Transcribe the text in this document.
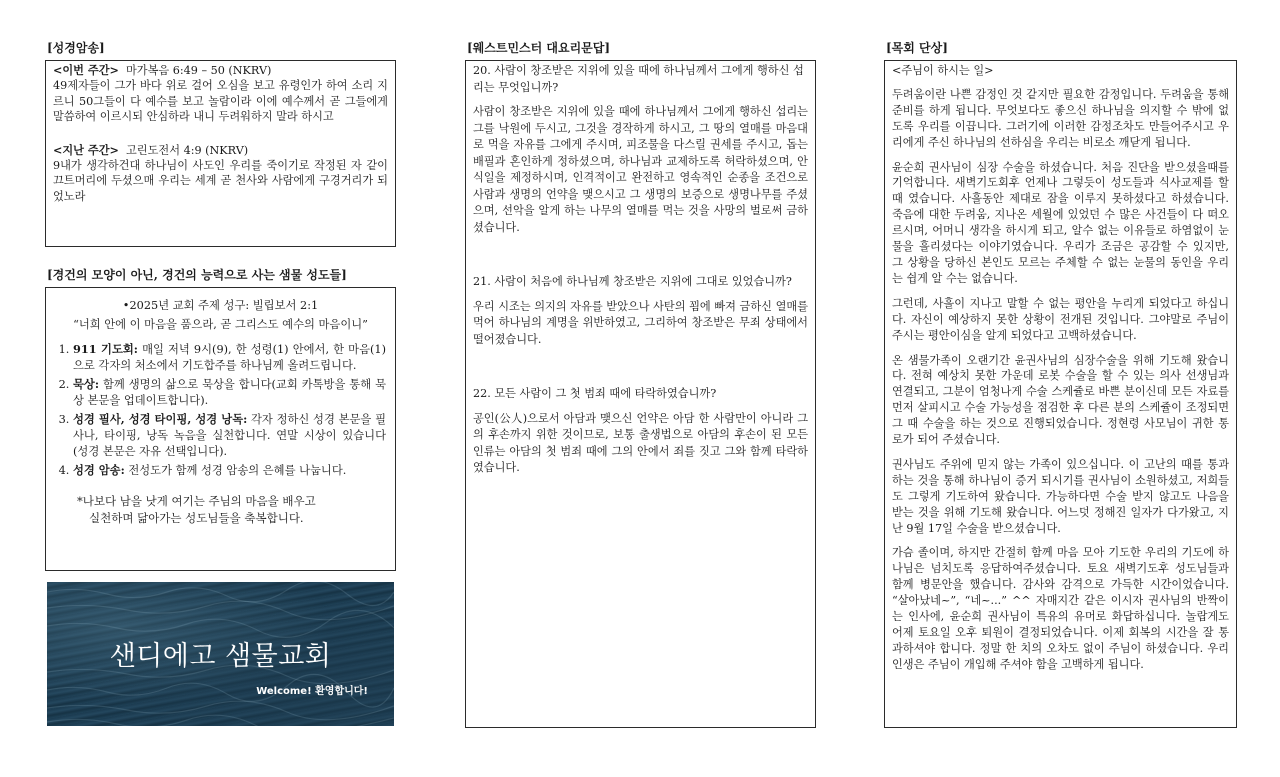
[성경암송]

<이번 주간> 마가복음 6:49 – 50 (NKRV)

49제자들이 그가 바다 위로 걸어 오심을 보고 유령인가 하여 소리 지르니 50그들이 다 예수를 보고 놀람이라 이에 예수께서 곧 그들에게 말씀하여 이르시되 안심하라 내니 두려워하지 말라 하시고

<지난 주간> 고린도전서 4:9 (NKRV)

9내가 생각하건대 하나님이 사도인 우리를 죽이기로 작정된 자 같이 끄트머리에 두셨으매 우리는 세계 곧 천사와 사람에게 구경거리가 되었노라

[경건의 모양이 아닌, 경건의 능력으로 사는 샘물 성도들]

•2025년 교회 주제 성구: 빌립보서 2:1

“너희 안에 이 마음을 품으라, 곧 그리스도 예수의 마음이니”

1. 911 기도회: 매일 저녁 9시(9), 한 성령(1) 안에서, 한 마음(1)으로 각자의 처소에서 기도합주를 하나님께 올려드립니다.
2. 묵상: 함께 생명의 삶으로 묵상을 합니다(교회 카톡방을 통해 묵상 본문을 업데이트합니다).
3. 성경 필사, 성경 타이핑, 성경 낭독: 각자 정하신 성경 본문을 필사나, 타이핑, 낭독 녹음을 실천합니다. 연말 시상이 있습니다(성경 본문은 자유 선택입니다).
4. 성경 암송: 전성도가 함께 성경 암송의 은혜를 나눕니다.
*나보다 남을 낫게 여기는 주님의 마음을 배우고
실천하며 닮아가는 성도님들을 축복합니다.
샌디에고 샘물교회
Welcome! 환영합니다!
[웨스트민스터 대요리문답]

20. 사람이 창조받은 지위에 있을 때에 하나님께서 그에게 행하신 섭리는 무엇입니까?

사람이 창조받은 지위에 있을 때에 하나님께서 그에게 행하신 섭리는 그를 낙원에 두시고, 그것을 경작하게 하시고, 그 땅의 열매를 마음대로 먹을 자유를 그에게 주시며, 피조물을 다스릴 권세를 주시고, 돕는 배필과 혼인하게 정하셨으며, 하나님과 교제하도록 허락하셨으며, 안식일을 제정하시며, 인격적이고 완전하고 영속적인 순종을 조건으로 사람과 생명의 언약을 맺으시고 그 생명의 보증으로 생명나무를 주셨으며, 선악을 알게 하는 나무의 열매를 먹는 것을 사망의 벌로써 금하셨습니다.

21. 사람이 처음에 하나님께 창조받은 지위에 그대로 있었습니까?

우리 시조는 의지의 자유를 받았으나 사탄의 꾐에 빠져 금하신 열매를 먹어 하나님의 계명을 위반하였고, 그리하여 창조받은 무죄 상태에서 떨어졌습니다.

22. 모든 사람이 그 첫 범죄 때에 타락하였습니까?

공인(公人)으로서 아담과 맺으신 언약은 아담 한 사람만이 아니라 그의 후손까지 위한 것이므로, 보통 출생법으로 아담의 후손이 된 모든 인류는 아담의 첫 범죄 때에 그의 안에서 죄를 짓고 그와 함께 타락하였습니다.

[목회 단상]

<주님이 하시는 일>

두려움이란 나쁜 감정인 것 같지만 필요한 감정입니다. 두려움을 통해 준비를 하게 됩니다. 무엇보다도 좋으신 하나님을 의지할 수 밖에 없도록 우리를 이끕니다. 그러기에 이러한 감정조차도 만들어주시고 우리에게 주신 하나님의 선하심을 우리는 비로소 깨닫게 됩니다.

윤순희 권사님이 심장 수술을 하셨습니다. 처음 진단을 받으셨을때를 기억합니다. 새벽기도회후 언제나 그렇듯이 성도들과 식사교제를 할 때 였습니다. 사흘동안 제대로 잠을 이루지 못하셨다고 하셨습니다. 죽음에 대한 두려움, 지나온 세월에 있었던 수 많은 사건들이 다 떠오르시며, 어머니 생각을 하시게 되고, 알수 없는 이유들로 하염없이 눈물을 흘리셨다는 이야기였습니다. 우리가 조금은 공감할 수 있지만, 그 상황을 당하신 본인도 모르는 주체할 수 없는 눈물의 동인을 우리는 쉽게 알 수는 없습니다.

그런데, 사흘이 지나고 말할 수 없는 평안을 누리게 되었다고 하십니다. 자신이 예상하지 못한 상황이 전개된 것입니다. 그야말로 주님이 주시는 평안이심을 알게 되었다고 고백하셨습니다.

온 샘물가족이 오랜기간 윤권사님의 심장수술을 위해 기도해 왔습니다. 전혀 예상치 못한 가운데 로봇 수술을 할 수 있는 의사 선생님과 연결되고, 그분이 엄청나게 수술 스케쥴로 바쁜 분이신데 모든 자료를 먼저 살피시고 수술 가능성을 점검한 후 다른 분의 스케쥴이 조정되면 그 때 수술을 하는 것으로 진행되었습니다. 정현령 사모님이 귀한 통로가 되어 주셨습니다.

권사님도 주위에 믿지 않는 가족이 있으십니다. 이 고난의 때를 통과하는 것을 통해 하나님이 증거 되시기를 권사님이 소원하셨고, 저희들도 그렇게 기도하여 왔습니다. 가능하다면 수술 받지 않고도 나음을 받는 것을 위해 기도해 왔습니다. 어느덧 정해진 일자가 다가왔고, 지난 9월 17일 수술을 받으셨습니다.

가슴 졸이며, 하지만 간절히 함께 마음 모아 기도한 우리의 기도에 하나님은 넘치도록 응답하여주셨습니다. 토요 새벽기도후 성도님들과 함께 병문안을 했습니다. 감사와 감격으로 가득한 시간이었습니다. “살아났네~”, “네~...” ^^ 자매지간 같은 이시자 권사님의 반짝이는 인사에, 윤순희 권사님이 특유의 유머로 화답하십니다. 놀랍게도 어제 토요일 오후 퇴원이 결정되었습니다. 이제 회복의 시간을 잘 통과하셔야 합니다. 정말 한 치의 오차도 없이 주님이 하셨습니다. 우리 인생은 주님이 개입해 주셔야 함을 고백하게 됩니다.
